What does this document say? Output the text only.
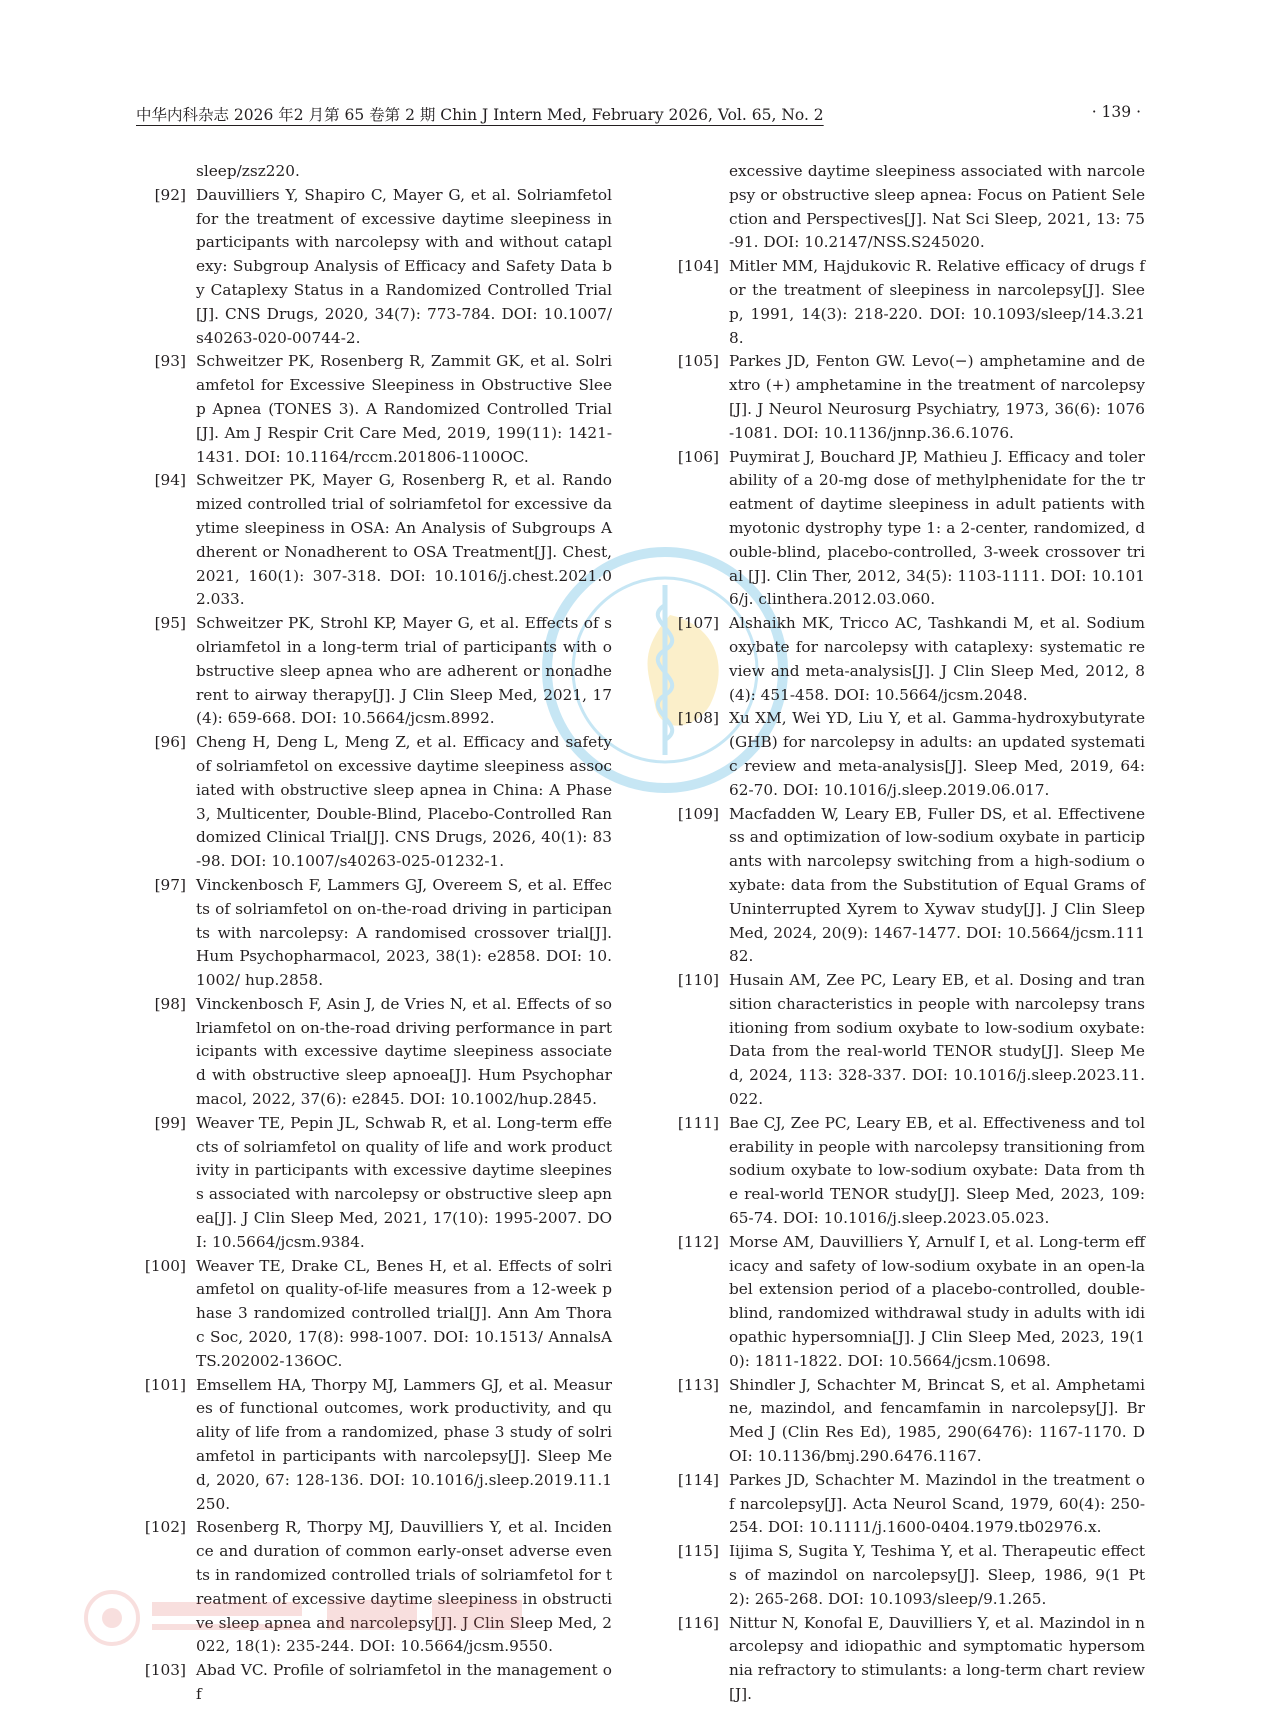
中华内科杂志 2026 年2 月第 65 卷第 2 期 Chin J Intern Med, February 2026, Vol. 65, No. 2	· 139 ·
sleep/zsz220.
[92] Dauvilliers Y, Shapiro C, Mayer G, et al. Solriamfetol for the treatment of excessive daytime sleepiness in participants with narcolepsy with and without cataplexy: Subgroup Analysis of Efficacy and Safety Data by Cataplexy Status in a Randomized Controlled Trial[J]. CNS Drugs, 2020, 34(7): 773-784. DOI: 10.1007/ s40263-020-00744-2.
[93] Schweitzer PK, Rosenberg R, Zammit GK, et al. Solriamfetol for Excessive Sleepiness in Obstructive Sleep Apnea (TONES 3). A Randomized Controlled Trial[J]. Am J Respir Crit Care Med, 2019, 199(11): 1421-1431. DOI: 10.1164/rccm.201806-1100OC.
[94] Schweitzer PK, Mayer G, Rosenberg R, et al. Randomized controlled trial of solriamfetol for excessive daytime sleepiness in OSA: An Analysis of Subgroups Adherent or Nonadherent to OSA Treatment[J]. Chest, 2021, 160(1): 307-318. DOI: 10.1016/j.chest.2021.02.033.
[95] Schweitzer PK, Strohl KP, Mayer G, et al. Effects of solriamfetol in a long-term trial of participants with obstructive sleep apnea who are adherent or nonadherent to airway therapy[J]. J Clin Sleep Med, 2021, 17(4): 659-668. DOI: 10.5664/jcsm.8992.
[96] Cheng H, Deng L, Meng Z, et al. Efficacy and safety of solriamfetol on excessive daytime sleepiness associated with obstructive sleep apnea in China: A Phase 3, Multicenter, Double-Blind, Placebo-Controlled Randomized Clinical Trial[J]. CNS Drugs, 2026, 40(1): 83-98. DOI: 10.1007/s40263-025-01232-1.
[97] Vinckenbosch F, Lammers GJ, Overeem S, et al. Effects of solriamfetol on on-the-road driving in participants with narcolepsy: A randomised crossover trial[J]. Hum Psychopharmacol, 2023, 38(1): e2858. DOI: 10.1002/ hup.2858.
[98] Vinckenbosch F, Asin J, de Vries N, et al. Effects of solriamfetol on on-the-road driving performance in participants with excessive daytime sleepiness associated with obstructive sleep apnoea[J]. Hum Psychopharmacol, 2022, 37(6): e2845. DOI: 10.1002/hup.2845.
[99] Weaver TE, Pepin JL, Schwab R, et al. Long-term effects of solriamfetol on quality of life and work productivity in participants with excessive daytime sleepiness associated with narcolepsy or obstructive sleep apnea[J]. J Clin Sleep Med, 2021, 17(10): 1995-2007. DOI: 10.5664/jcsm.9384.
[100] Weaver TE, Drake CL, Benes H, et al. Effects of solriamfetol on quality-of-life measures from a 12-week phase 3 randomized controlled trial[J]. Ann Am Thorac Soc, 2020, 17(8): 998-1007. DOI: 10.1513/ AnnalsATS.202002-136OC.
[101] Emsellem HA, Thorpy MJ, Lammers GJ, et al. Measures of functional outcomes, work productivity, and quality of life from a randomized, phase 3 study of solriamfetol in participants with narcolepsy[J]. Sleep Med, 2020, 67: 128-136. DOI: 10.1016/j.sleep.2019.11.1250.
[102] Rosenberg R, Thorpy MJ, Dauvilliers Y, et al. Incidence and duration of common early-onset adverse events in randomized controlled trials of solriamfetol for treatment of excessive daytime sleepiness in obstructive sleep apnea and narcolepsy[J]. J Clin Sleep Med, 2022, 18(1): 235-244. DOI: 10.5664/jcsm.9550.
[103] Abad VC. Profile of solriamfetol in the management of
excessive daytime sleepiness associated with narcolepsy or obstructive sleep apnea: Focus on Patient Selection and Perspectives[J]. Nat Sci Sleep, 2021, 13: 75-91. DOI: 10.2147/NSS.S245020.
[104] Mitler MM, Hajdukovic R. Relative efficacy of drugs for the treatment of sleepiness in narcolepsy[J]. Sleep, 1991, 14(3): 218-220. DOI: 10.1093/sleep/14.3.218.
[105] Parkes JD, Fenton GW. Levo(−) amphetamine and dextro (+) amphetamine in the treatment of narcolepsy[J]. J Neurol Neurosurg Psychiatry, 1973, 36(6): 1076-1081. DOI: 10.1136/jnnp.36.6.1076.
[106] Puymirat J, Bouchard JP, Mathieu J. Efficacy and tolerability of a 20-mg dose of methylphenidate for the treatment of daytime sleepiness in adult patients with myotonic dystrophy type 1: a 2-center, randomized, double-blind, placebo-controlled, 3-week crossover trial [J]. Clin Ther, 2012, 34(5): 1103-1111. DOI: 10.1016/j. clinthera.2012.03.060.
[107] Alshaikh MK, Tricco AC, Tashkandi M, et al. Sodium oxybate for narcolepsy with cataplexy: systematic review and meta-analysis[J]. J Clin Sleep Med, 2012, 8(4): 451-458. DOI: 10.5664/jcsm.2048.
[108] Xu XM, Wei YD, Liu Y, et al. Gamma-hydroxybutyrate (GHB) for narcolepsy in adults: an updated systematic review and meta-analysis[J]. Sleep Med, 2019, 64: 62-70. DOI: 10.1016/j.sleep.2019.06.017.
[109] Macfadden W, Leary EB, Fuller DS, et al. Effectiveness and optimization of low-sodium oxybate in participants with narcolepsy switching from a high-sodium oxybate: data from the Substitution of Equal Grams of Uninterrupted Xyrem to Xywav study[J]. J Clin Sleep Med, 2024, 20(9): 1467-1477. DOI: 10.5664/jcsm.11182.
[110] Husain AM, Zee PC, Leary EB, et al. Dosing and transition characteristics in people with narcolepsy transitioning from sodium oxybate to low-sodium oxybate: Data from the real-world TENOR study[J]. Sleep Med, 2024, 113: 328-337. DOI: 10.1016/j.sleep.2023.11.022.
[111] Bae CJ, Zee PC, Leary EB, et al. Effectiveness and tolerability in people with narcolepsy transitioning from sodium oxybate to low-sodium oxybate: Data from the real-world TENOR study[J]. Sleep Med, 2023, 109: 65-74. DOI: 10.1016/j.sleep.2023.05.023.
[112] Morse AM, Dauvilliers Y, Arnulf I, et al. Long-term efficacy and safety of low-sodium oxybate in an open-label extension period of a placebo-controlled, double-blind, randomized withdrawal study in adults with idiopathic hypersomnia[J]. J Clin Sleep Med, 2023, 19(10): 1811-1822. DOI: 10.5664/jcsm.10698.
[113] Shindler J, Schachter M, Brincat S, et al. Amphetamine, mazindol, and fencamfamin in narcolepsy[J]. Br Med J (Clin Res Ed), 1985, 290(6476): 1167-1170. DOI: 10.1136/bmj.290.6476.1167.
[114] Parkes JD, Schachter M. Mazindol in the treatment of narcolepsy[J]. Acta Neurol Scand, 1979, 60(4): 250-254. DOI: 10.1111/j.1600-0404.1979.tb02976.x.
[115] Iijima S, Sugita Y, Teshima Y, et al. Therapeutic effects of mazindol on narcolepsy[J]. Sleep, 1986, 9(1 Pt 2): 265-268. DOI: 10.1093/sleep/9.1.265.
[116] Nittur N, Konofal E, Dauvilliers Y, et al. Mazindol in narcolepsy and idiopathic and symptomatic hypersomnia refractory to stimulants: a long-term chart review[J].
